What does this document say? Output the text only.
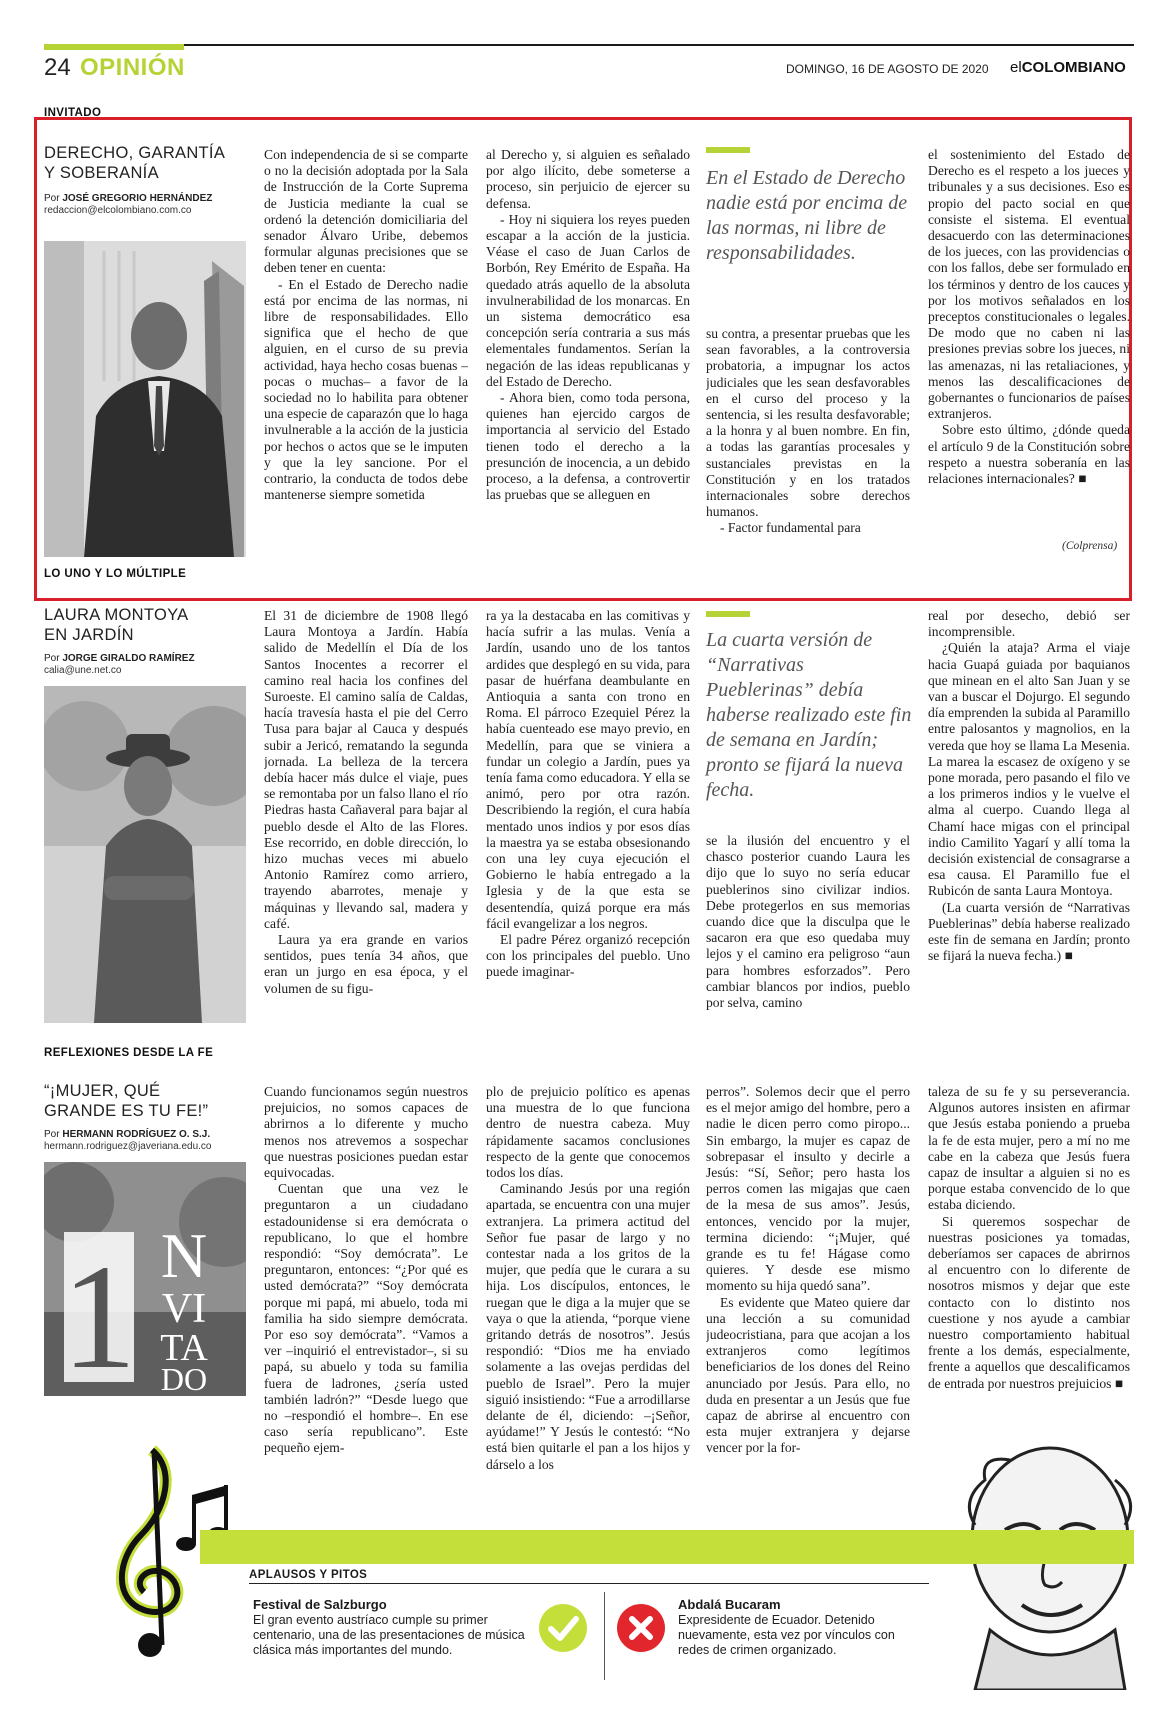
24 OPINIÓN	DOMINGO, 16 DE AGOSTO DE 2020 elCOLOMBIANO
INVITADO
DERECHO, GARANTÍA
Y SOBERANÍA
Por JOSÉ GREGORIO HERNÁNDEZ
redaccion@elcolombiano.com.co

Con independencia de si se comparte o no la decisión adoptada por la Sala de Instrucción de la Corte Suprema de Justicia mediante la cual se ordenó la detención domiciliaria del senador Álvaro Uribe, debemos formular algunas precisiones que se deben tener en cuenta:

- En el Estado de Derecho nadie está por encima de las normas, ni libre de responsabilidades. Ello significa que el hecho de que alguien, en el curso de su previa actividad, haya hecho cosas buenas –pocas o muchas– a favor de la sociedad no lo habilita para obtener una especie de caparazón que lo haga invulnerable a la acción de la justicia por hechos o actos que se le imputen y que la ley sancione. Por el contrario, la conducta de todos debe mantenerse siempre sometida

al Derecho y, si alguien es señalado por algo ilícito, debe someterse a proceso, sin perjuicio de ejercer su defensa.

- Hoy ni siquiera los reyes pueden escapar a la acción de la justicia. Véase el caso de Juan Carlos de Borbón, Rey Emérito de España. Ha quedado atrás aquello de la absoluta invulnerabilidad de los monarcas. En un sistema democrático esa concepción sería contraria a sus más elementales fundamentos. Serían la negación de las ideas republicanas y del Estado de Derecho.

- Ahora bien, como toda persona, quienes han ejercido cargos de importancia al servicio del Estado tienen todo el derecho a la presunción de inocencia, a un debido proceso, a la defensa, a controvertir las pruebas que se alleguen en

En el Estado de Derecho nadie está por encima de las normas, ni libre de responsabilidades.

su contra, a presentar pruebas que les sean favorables, a la controversia probatoria, a impugnar los actos judiciales que les sean desfavorables en el curso del proceso y la sentencia, si les resulta desfavorable; a la honra y al buen nombre. En fin, a todas las garantías procesales y sustanciales previstas en la Constitución y en los tratados internacionales sobre derechos humanos.

- Factor fundamental para

el sostenimiento del Estado de Derecho es el respeto a los jueces y tribunales y a sus decisiones. Eso es propio del pacto social en que consiste el sistema. El eventual desacuerdo con las determinaciones de los jueces, con las providencias o con los fallos, debe ser formulado en los términos y dentro de los cauces y por los motivos señalados en los preceptos constitucionales o legales. De modo que no caben ni las presiones previas sobre los jueces, ni las amenazas, ni las retaliaciones, y menos las descalificaciones de gobernantes o funcionarios de países extranjeros.

Sobre esto último, ¿dónde queda el artículo 9 de la Constitución sobre respeto a nuestra soberanía en las relaciones internacionales? ■

(Colprensa)
LO UNO Y LO MÚLTIPLE
LAURA MONTOYA
EN JARDÍN
Por JORGE GIRALDO RAMÍREZ
calia@une.net.co

El 31 de diciembre de 1908 llegó Laura Montoya a Jardín. Había salido de Medellín el Día de los Santos Inocentes a recorrer el camino real hacia los confines del Suroeste. El camino salía de Caldas, hacía travesía hasta el pie del Cerro Tusa para bajar al Cauca y después subir a Jericó, rematando la segunda jornada. La belleza de la tercera debía hacer más dulce el viaje, pues se remontaba por un falso llano el río Piedras hasta Cañaveral para bajar al pueblo desde el Alto de las Flores. Ese recorrido, en doble dirección, lo hizo muchas veces mi abuelo Antonio Ramírez como arriero, trayendo abarrotes, menaje y máquinas y llevando sal, madera y café.

Laura ya era grande en varios sentidos, pues tenía 34 años, que eran un jurgo en esa época, y el volumen de su figu-

ra ya la destacaba en las comitivas y hacía sufrir a las mulas. Venía a Jardín, usando uno de los tantos ardides que desplegó en su vida, para pasar de huérfana deambulante en Antioquia a santa con trono en Roma. El párroco Ezequiel Pérez la había cuenteado ese mayo previo, en Medellín, para que se viniera a fundar un colegio a Jardín, pues ya tenía fama como educadora. Y ella se animó, pero por otra razón. Describiendo la región, el cura había mentado unos indios y por esos días la maestra ya se estaba obsesionando con una ley cuya ejecución el Gobierno le había entregado a la Iglesia y de la que esta se desentendía, quizá porque era más fácil evangelizar a los negros.

El padre Pérez organizó recepción con los principales del pueblo. Uno puede imaginar-

La cuarta versión de “Narrativas Pueblerinas” debía haberse realizado este fin de semana en Jardín; pronto se fijará la nueva fecha.

se la ilusión del encuentro y el chasco posterior cuando Laura les dijo que lo suyo no sería educar pueblerinos sino civilizar indios. Debe protegerlos en sus memorias cuando dice que la disculpa que le sacaron era que eso quedaba muy lejos y el camino era peligroso “aun para hombres esforzados”. Pero cambiar blancos por indios, pueblo por selva, camino

real por desecho, debió ser incomprensible.

¿Quién la ataja? Arma el viaje hacia Guapá guiada por baquianos que minean en el alto San Juan y se van a buscar el Dojurgo. El segundo día emprenden la subida al Paramillo entre palosantos y magnolios, en la vereda que hoy se llama La Mesenia. La marea la escasez de oxígeno y se pone morada, pero pasando el filo ve a los primeros indios y le vuelve el alma al cuerpo. Cuando llega al Chamí hace migas con el principal indio Camilito Yagarí y allí toma la decisión existencial de consagrarse a esa causa. El Paramillo fue el Rubicón de santa Laura Montoya.

(La cuarta versión de “Narrativas Pueblerinas” debía haberse realizado este fin de semana en Jardín; pronto se fijará la nueva fecha.) ■

REFLEXIONES DESDE LA FE
“¡MUJER, QUÉ
GRANDE ES TU FE!”
Por HERMANN RODRÍGUEZ O. S.J.
hermann.rodriguez@javeriana.edu.co
1 N
VI
TA
DO

Cuando funcionamos según nuestros prejuicios, no somos capaces de abrirnos a lo diferente y mucho menos nos atrevemos a sospechar que nuestras posiciones puedan estar equivocadas.

Cuentan que una vez le preguntaron a un ciudadano estadounidense si era demócrata o republicano, lo que el hombre respondió: “Soy demócrata”. Le preguntaron, entonces: “¿Por qué es usted demócrata?” “Soy demócrata porque mi papá, mi abuelo, toda mi familia ha sido siempre demócrata. Por eso soy demócrata”. “Vamos a ver –inquirió el entrevistador–, si su papá, su abuelo y toda su familia fuera de ladrones, ¿sería usted también ladrón?” “Desde luego que no –respondió el hombre–. En ese caso sería republicano”. Este pequeño ejem-

plo de prejuicio político es apenas una muestra de lo que funciona dentro de nuestra cabeza. Muy rápidamente sacamos conclusiones respecto de la gente que conocemos todos los días.

Caminando Jesús por una región apartada, se encuentra con una mujer extranjera. La primera actitud del Señor fue pasar de largo y no contestar nada a los gritos de la mujer, que pedía que le curara a su hija. Los discípulos, entonces, le ruegan que le diga a la mujer que se vaya o que la atienda, “porque viene gritando detrás de nosotros”. Jesús respondió: “Dios me ha enviado solamente a las ovejas perdidas del pueblo de Israel”. Pero la mujer siguió insistiendo: “Fue a arrodillarse delante de él, diciendo: –¡Señor, ayúdame!” Y Jesús le contestó: “No está bien quitarle el pan a los hijos y dárselo a los

perros”. Solemos decir que el perro es el mejor amigo del hombre, pero a nadie le dicen perro como piropo... Sin embargo, la mujer es capaz de sobrepasar el insulto y decirle a Jesús: “Sí, Señor; pero hasta los perros comen las migajas que caen de la mesa de sus amos”. Jesús, entonces, vencido por la mujer, termina diciendo: “¡Mujer, qué grande es tu fe! Hágase como quieres. Y desde ese mismo momento su hija quedó sana”.

Es evidente que Mateo quiere dar una lección a su comunidad judeocristiana, para que acojan a los extranjeros como legítimos beneficiarios de los dones del Reino anunciado por Jesús. Para ello, no duda en presentar a un Jesús que fue capaz de abrirse al encuentro con esta mujer extranjera y dejarse vencer por la for-

taleza de su fe y su perseverancia. Algunos autores insisten en afirmar que Jesús estaba poniendo a prueba la fe de esta mujer, pero a mí no me cabe en la cabeza que Jesús fuera capaz de insultar a alguien si no es porque estaba convencido de lo que estaba diciendo.

Si queremos sospechar de nuestras posiciones ya tomadas, deberíamos ser capaces de abrirnos al encuentro con lo diferente de nosotros mismos y dejar que este contacto con lo distinto nos cuestione y nos ayude a cambiar nuestro comportamiento habitual frente a los demás, especialmente, frente a aquellos que descalificamos de entrada por nuestros prejuicios ■

APLAUSOS Y PITOS
Festival de Salzburgo
El gran evento austríaco cumple su primer centenario, una de las presentaciones de música clásica más importantes del mundo.
Abdalá Bucaram
Expresidente de Ecuador. Detenido nuevamente, esta vez por vínculos con redes de crimen organizado.
